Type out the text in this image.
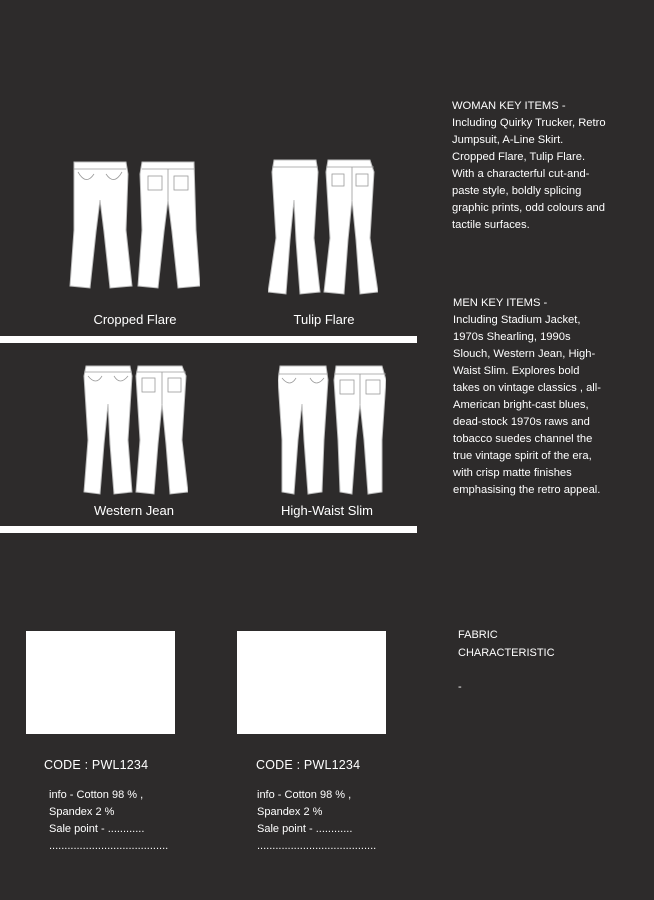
Cropped Flare	Tulip Flare
Western Jean	High-Waist Slim
WOMAN KEY ITEMS -
Including Quirky Trucker, Retro Jumpsuit, A-Line Skirt. Cropped Flare, Tulip Flare. With a characterful cut-and-paste style, boldly splicing graphic prints, odd colours and tactile surfaces.
MEN KEY ITEMS -
Including Stadium Jacket, 1970s Shearling, 1990s Slouch, Western Jean, High-Waist Slim. Explores bold takes on vintage classics , all-American bright-cast blues, dead-stock 1970s raws and tobacco suedes channel the true vintage spirit of the era, with crisp matte finishes emphasising the retro appeal.
CODE : PWL1234	CODE : PWL1234
info - Cotton 98 % ,
Spandex 2 %
Sale point - ............
.......................................
info - Cotton 98 % ,
Spandex 2 %
Sale point - ............
.......................................
FABRIC
CHARACTERISTIC
-
